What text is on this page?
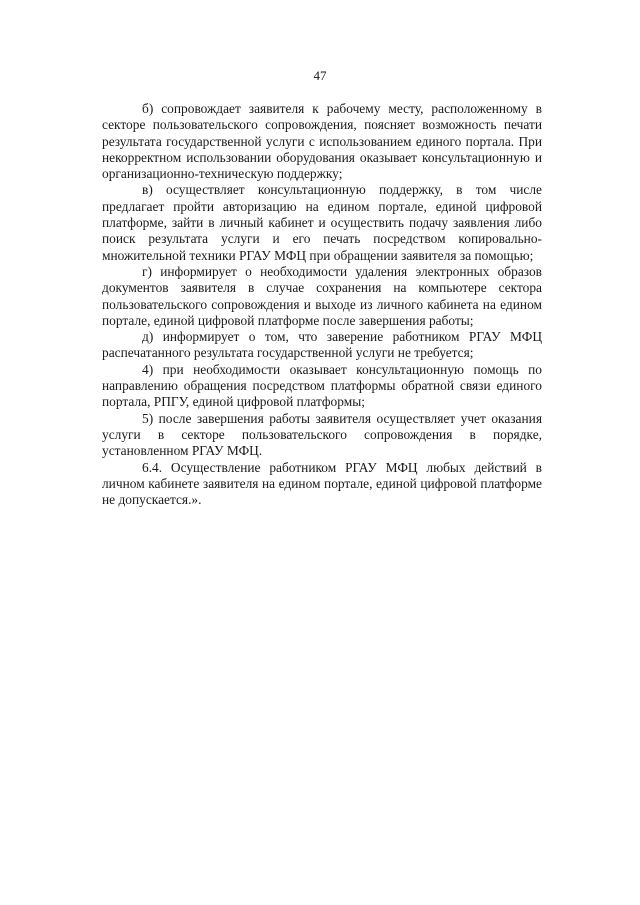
47

б) сопровождает заявителя к рабочему месту, расположенному в секторе пользовательского сопровождения, поясняет возможность печати результата государственной услуги с использованием единого портала. При некорректном использовании оборудования оказывает консультационную и организационно-техническую поддержку;

в) осуществляет консультационную поддержку, в том числе предлагает пройти авторизацию на едином портале, единой цифровой платформе, зайти в личный кабинет и осуществить подачу заявления либо поиск результата услуги и его печать посредством копировально-множительной техники РГАУ МФЦ при обращении заявителя за помощью;

г) информирует о необходимости удаления электронных образов документов заявителя в случае сохранения на компьютере сектора пользовательского сопровождения и выходе из личного кабинета на едином портале, единой цифровой платформе после завершения работы;

д) информирует о том, что заверение работником РГАУ МФЦ распечатанного результата государственной услуги не требуется;

4) при необходимости оказывает консультационную помощь по направлению обращения посредством платформы обратной связи единого портала, РПГУ, единой цифровой платформы;

5) после завершения работы заявителя осуществляет учет оказания услуги в секторе пользовательского сопровождения в порядке, установленном РГАУ МФЦ.

6.4. Осуществление работником РГАУ МФЦ любых действий в личном кабинете заявителя на едином портале, единой цифровой платформе не допускается.».
